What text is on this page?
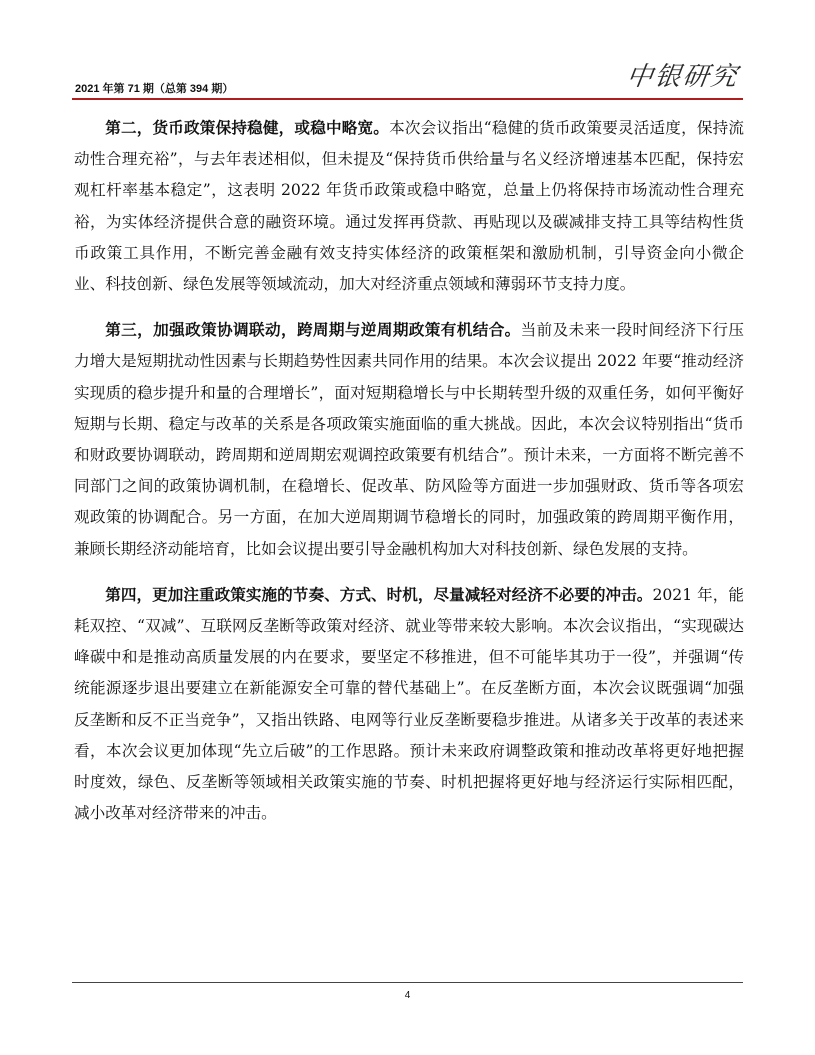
2021 年第 71 期（总第 394 期）	中银研究

第二，货币政策保持稳健，或稳中略宽。本次会议指出“稳健的货币政策要灵活适度，保持流动性合理充裕”，与去年表述相似，但未提及“保持货币供给量与名义经济增速基本匹配，保持宏观杠杆率基本稳定”，这表明 2022 年货币政策或稳中略宽，总量上仍将保持市场流动性合理充裕，为实体经济提供合意的融资环境。通过发挥再贷款、再贴现以及碳减排支持工具等结构性货币政策工具作用，不断完善金融有效支持实体经济的政策框架和激励机制，引导资金向小微企业、科技创新、绿色发展等领域流动，加大对经济重点领域和薄弱环节支持力度。

第三，加强政策协调联动，跨周期与逆周期政策有机结合。当前及未来一段时间经济下行压力增大是短期扰动性因素与长期趋势性因素共同作用的结果。本次会议提出 2022 年要“推动经济实现质的稳步提升和量的合理增长”，面对短期稳增长与中长期转型升级的双重任务，如何平衡好短期与长期、稳定与改革的关系是各项政策实施面临的重大挑战。因此，本次会议特别指出“货币和财政要协调联动，跨周期和逆周期宏观调控政策要有机结合”。预计未来，一方面将不断完善不同部门之间的政策协调机制，在稳增长、促改革、防风险等方面进一步加强财政、货币等各项宏观政策的协调配合。另一方面，在加大逆周期调节稳增长的同时，加强政策的跨周期平衡作用，兼顾长期经济动能培育，比如会议提出要引导金融机构加大对科技创新、绿色发展的支持。

第四，更加注重政策实施的节奏、方式、时机，尽量减轻对经济不必要的冲击。2021 年，能耗双控、“双减”、互联网反垄断等政策对经济、就业等带来较大影响。本次会议指出，“实现碳达峰碳中和是推动高质量发展的内在要求，要坚定不移推进，但不可能毕其功于一役”，并强调“传统能源逐步退出要建立在新能源安全可靠的替代基础上”。在反垄断方面，本次会议既强调“加强反垄断和反不正当竞争”，又指出铁路、电网等行业反垄断要稳步推进。从诸多关于改革的表述来看，本次会议更加体现“先立后破”的工作思路。预计未来政府调整政策和推动改革将更好地把握时度效，绿色、反垄断等领域相关政策实施的节奏、时机把握将更好地与经济运行实际相匹配，减小改革对经济带来的冲击。

4
